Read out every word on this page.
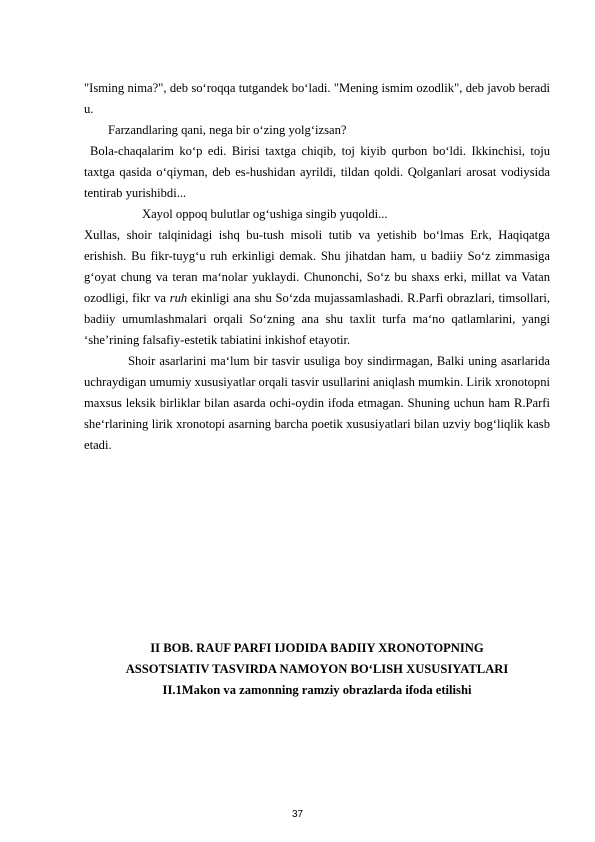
"Isming nima?", deb so‘roqqa tutgandek bo‘ladi. "Mening ismim ozodlik", deb javob beradi u.

Farzandlaring qani, nega bir o‘zing yolg‘izsan?

Bola-chaqalarim ko‘p edi. Birisi taxtga chiqib, toj kiyib qurbon bo‘ldi. Ikkinchisi, toju taxtga qasida o‘qiyman, deb es-hushidan ayrildi, tildan qoldi. Qolganlari arosat vodiysida tentirab yurishibdi...

Xayol oppoq bulutlar og‘ushiga singib yuqoldi...

Xullas, shoir talqinidagi ishq bu-tush misoli tutib va yetishib bo‘lmas Erk, Haqiqatga erishish. Bu fikr-tuyg‘u ruh erkinligi demak. Shu jihatdan ham, u badiiy So‘z zimmasiga g‘oyat chung va teran ma‘nolar yuklaydi. Chunonchi, So‘z bu shaxs erki, millat va Vatan ozodligi, fikr va ruh ekinligi ana shu So‘zda mujassamlashadi. R.Parfi obrazlari, timsollari, badiiy umumlashmalari orqali So‘zning ana shu taxlit turfa ma‘no qatlamlarini, yangi ‘she’rining falsafiy-estetik tabiatini inkishof etayotir.

Shoir asarlarini ma‘lum bir tasvir usuliga boy sindirmagan, Balki uning asarlarida uchraydigan umumiy xususiyatlar orqali tasvir usullarini aniqlash mumkin. Lirik xronotopni maxsus leksik birliklar bilan asarda ochi-oydin ifoda etmagan. Shuning uchun ham R.Parfi she‘rlarining lirik xronotopi asarning barcha poetik xususiyatlari bilan uzviy bog‘liqlik kasb etadi.

II BOB. RAUF PARFI IJODIDA BADIIY XRONOTOPNING
ASSOTSIATIV TASVIRDA NAMOYON BO‘LISH XUSUSIYATLARI
II.1Makon va zamonning ramziy obrazlarda ifoda etilishi
37
